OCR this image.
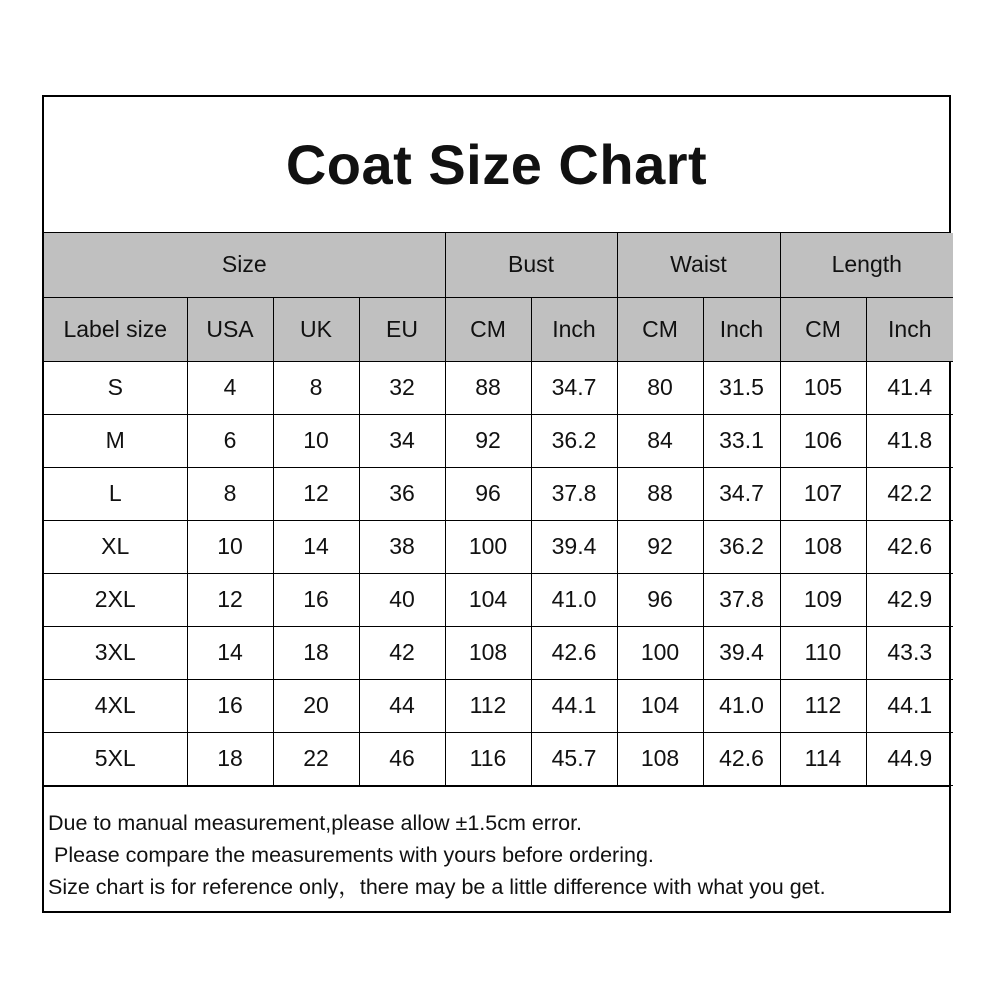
Coat Size Chart
Size				Bust		Waist		Length	
Label size	USA	UK	EU	CM	Inch	CM	Inch	CM	Inch
S	4	8	32	88	34.7	80	31.5	105	41.4
M	6	10	34	92	36.2	84	33.1	106	41.8
L	8	12	36	96	37.8	88	34.7	107	42.2
XL	10	14	38	100	39.4	92	36.2	108	42.6
2XL	12	16	40	104	41.0	96	37.8	109	42.9
3XL	14	18	42	108	42.6	100	39.4	110	43.3
4XL	16	20	44	112	44.1	104	41.0	112	44.1
5XL	18	22	46	116	45.7	108	42.6	114	44.9
Due to manual measurement,please allow ±1.5cm error.
Please compare the measurements with yours before ordering.
Size chart is for reference only，there may be a little difference with what you get.
